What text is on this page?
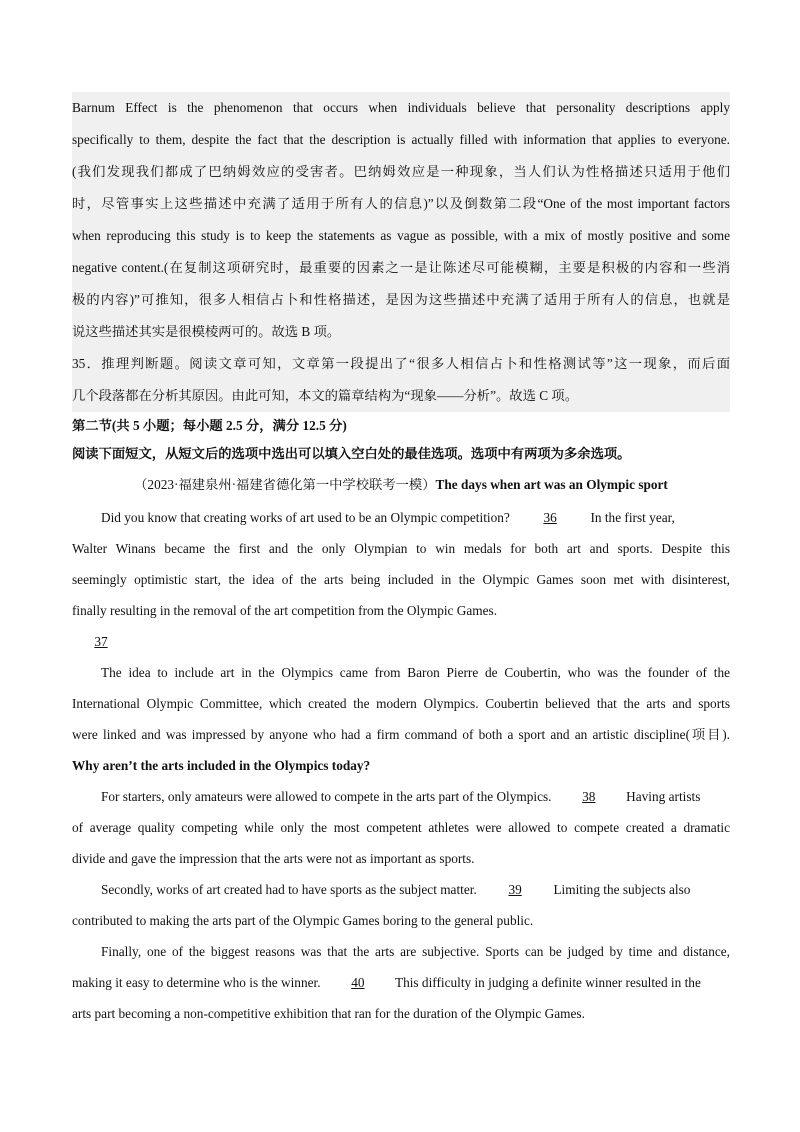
Barnum Effect is the phenomenon that occurs when individuals believe that personality descriptions apply
specifically to them, despite the fact that the description is actually filled with information that applies to everyone.
(我们发现我们都成了巴纳姆效应的受害者。巴纳姆效应是一种现象，当人们认为性格描述只适用于他们
时，尽管事实上这些描述中充满了适用于所有人的信息)”以及倒数第二段“One of the most important factors
when reproducing this study is to keep the statements as vague as possible, with a mix of mostly positive and some
negative content.(在复制这项研究时，最重要的因素之一是让陈述尽可能模糊，主要是积极的内容和一些消
极的内容)”可推知，很多人相信占卜和性格描述，是因为这些描述中充满了适用于所有人的信息，也就是
说这些描述其实是很模棱两可的。故选 B 项。
35．推理判断题。阅读文章可知，文章第一段提出了“很多人相信占卜和性格测试等”这一现象，而后面
几个段落都在分析其原因。由此可知，本文的篇章结构为“现象——分析”。故选 C 项。
第二节(共 5 小题；每小题 2.5 分，满分 12.5 分)
阅读下面短文，从短文后的选项中选出可以填入空白处的最佳选项。选项中有两项为多余选项。
（2023·福建泉州·福建省德化第一中学校联考一模）The days when art was an Olympic sport
Did you know that creating works of art used to be an Olympic competition?	36	In the first year,
Walter Winans became the first and the only Olympian to win medals for both art and sports. Despite this
seemingly optimistic start, the idea of the arts being included in the Olympic Games soon met with disinterest,
finally resulting in the removal of the art competition from the Olympic Games.
37
The idea to include art in the Olympics came from Baron Pierre de Coubertin, who was the founder of the
International Olympic Committee, which created the modern Olympics. Coubertin believed that the arts and sports
were linked and was impressed by anyone who had a firm command of both a sport and an artistic discipline(项目).
Why aren’t the arts included in the Olympics today?
For starters, only amateurs were allowed to compete in the arts part of the Olympics. 38 Having artists
of average quality competing while only the most competent athletes were allowed to compete created a dramatic
divide and gave the impression that the arts were not as important as sports.
Secondly, works of art created had to have sports as the subject matter. 39 Limiting the subjects also
contributed to making the arts part of the Olympic Games boring to the general public.
Finally, one of the biggest reasons was that the arts are subjective. Sports can be judged by time and distance,
making it easy to determine who is the winner. 40 This difficulty in judging a definite winner resulted in the
arts part becoming a non-competitive exhibition that ran for the duration of the Olympic Games.
